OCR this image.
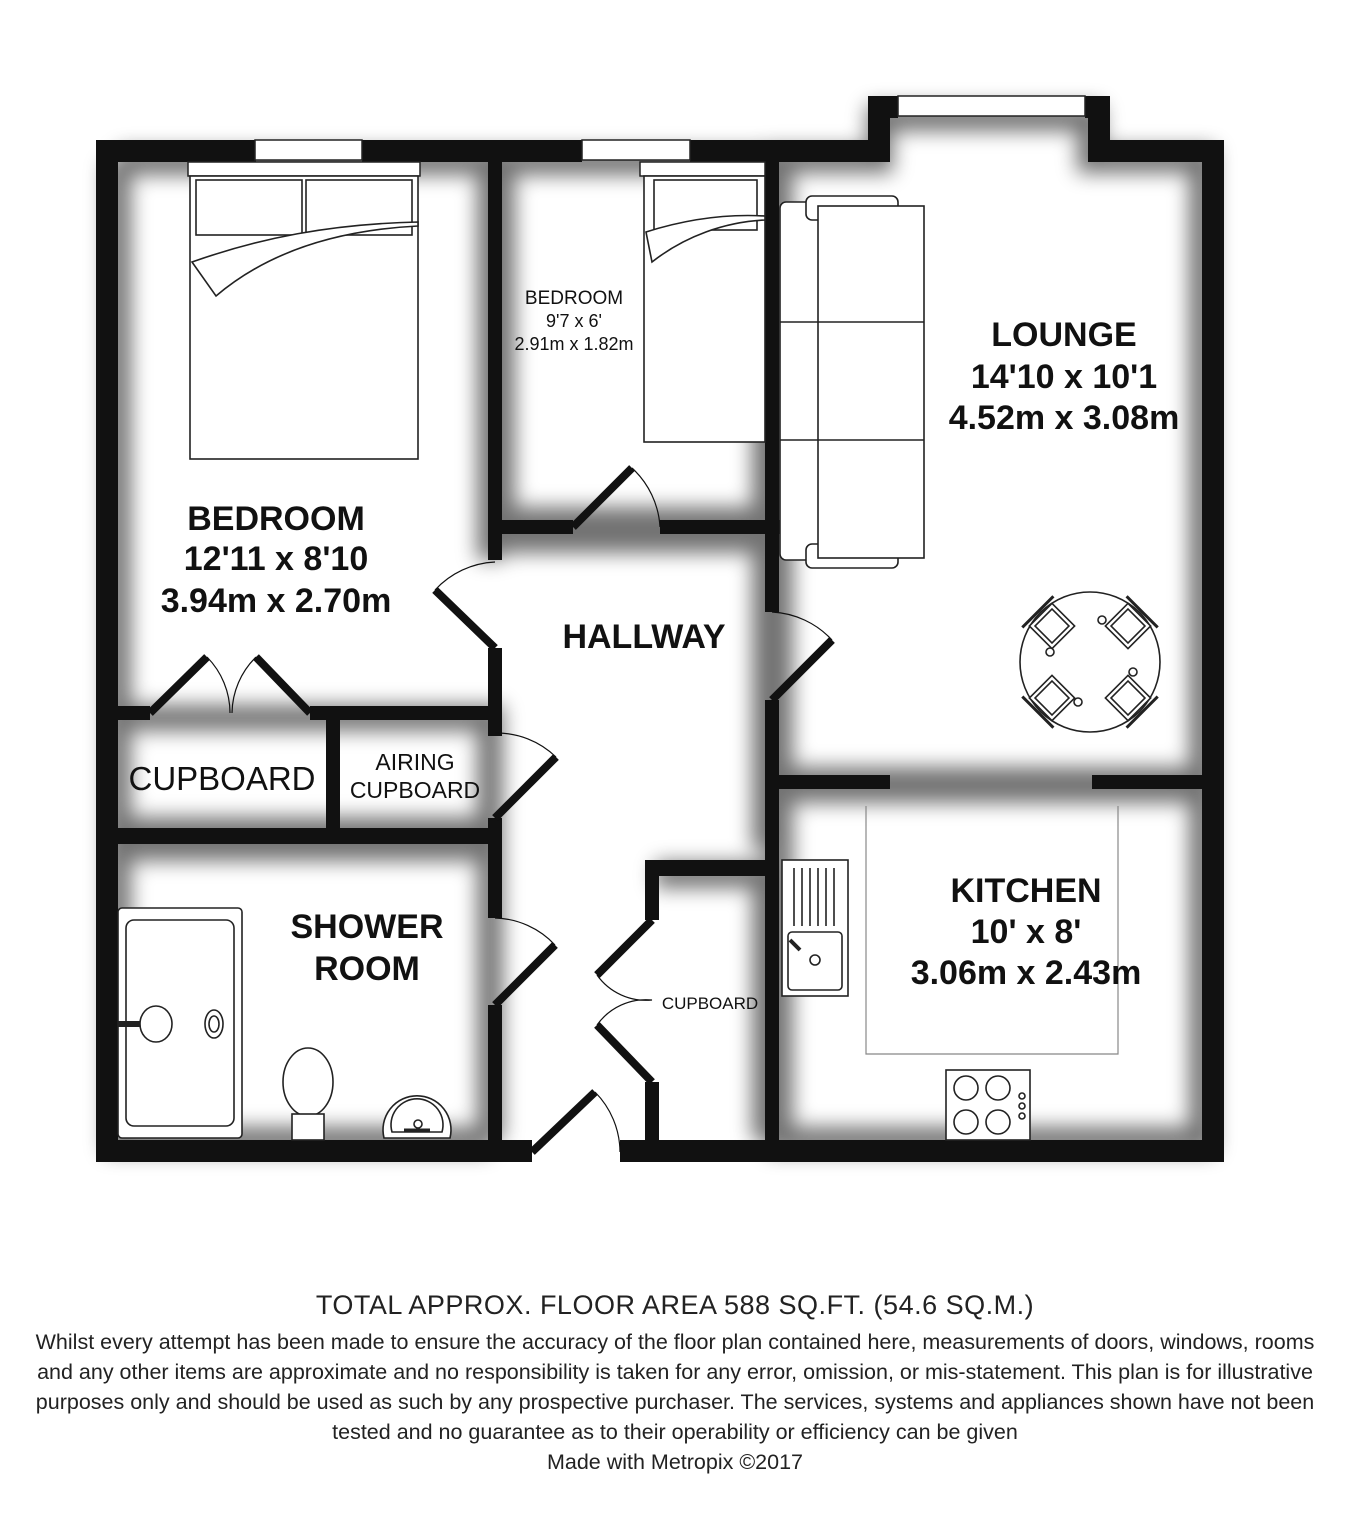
BEDROOM
12'11 x 8'10
3.94m x 2.70m
BEDROOM
9'7 x 6'
2.91m x 1.82m	LOUNGE
14'10 x 10'1
4.52m x 3.08m
HALLWAY
CUPBOARD	AIRING
CUPBOARD
SHOWER
ROOM
CUPBOARD
KITCHEN
10' x 8'
3.06m x 2.43m
TOTAL APPROX. FLOOR AREA 588 SQ.FT. (54.6 SQ.M.)
Whilst every attempt has been made to ensure the accuracy of the floor plan contained here, measurements of doors, windows, rooms and any other items are approximate and no responsibility is taken for any error, omission, or mis-statement. This plan is for illustrative purposes only and should be used as such by any prospective purchaser. The services, systems and appliances shown have not been tested and no guarantee as to their operability or efficiency can be given
Made with Metropix ©2017
